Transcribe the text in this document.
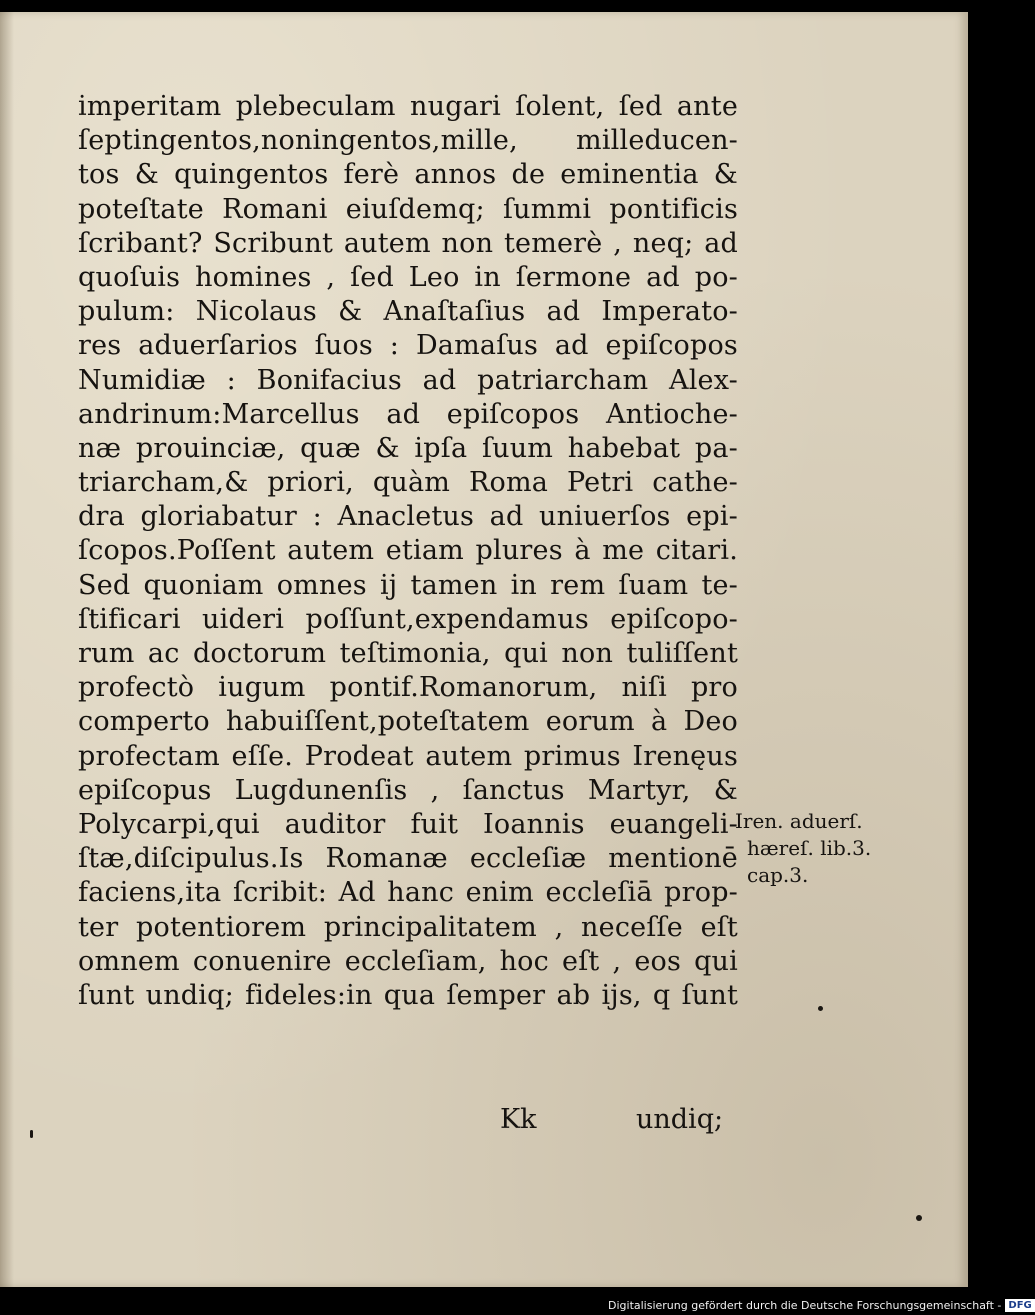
imperitam plebeculam nugari ſolent, ſed ante
ſeptingentos,noningentos,mille, milleducen-
tos & quingentos ferè annos de eminentia &
poteſtate Romani eiuſdemq; ſummi pontificis
ſcribant? Scribunt autem non temerè , neq; ad
quoſuis homines , ſed Leo in ſermone ad po-
pulum: Nicolaus & Anaſtaſius ad Imperato-
res aduerſarios ſuos : Damaſus ad epiſcopos
Numidiæ : Bonifacius ad patriarcham Alex-
andrinum:Marcellus ad epiſcopos Antioche-
næ prouinciæ, quæ & ipſa ſuum habebat pa-
triarcham,& priori, quàm Roma Petri cathe-
dra gloriabatur : Anacletus ad uniuerſos epi-
ſcopos.Poſſent autem etiam plures à me citari.
Sed quoniam omnes ij tamen in rem ſuam te-
ſtificari uideri poſſunt,expendamus epiſcopo-
rum ac doctorum teſtimonia, qui non tuliſſent
profectò iugum pontif.Romanorum, niſi pro
comperto habuiſſent,poteſtatem eorum à Deo
profectam eſſe. Prodeat autem primus Irenęus
epiſcopus Lugdunenſis , ſanctus Martyr, &
Polycarpi,qui auditor fuit Ioannis euangeli-
ſtæ,diſcipulus.Is Romanæ eccleſiæ mentionē
faciens,ita ſcribit: Ad hanc enim eccleſiā prop-
ter potentiorem principalitatem , neceſſe eſt
omnem conuenire eccleſiam, hoc eſt , eos qui
ſunt undiq; fideles:in qua ſemper ab ijs, q ſunt
Iren. aduerſ.
hæreſ. lib.3.
cap.3.
Kk	undiq;
Digitalisierung gefördert durch die Deutsche Forschungsgemeinschaft - DFG
